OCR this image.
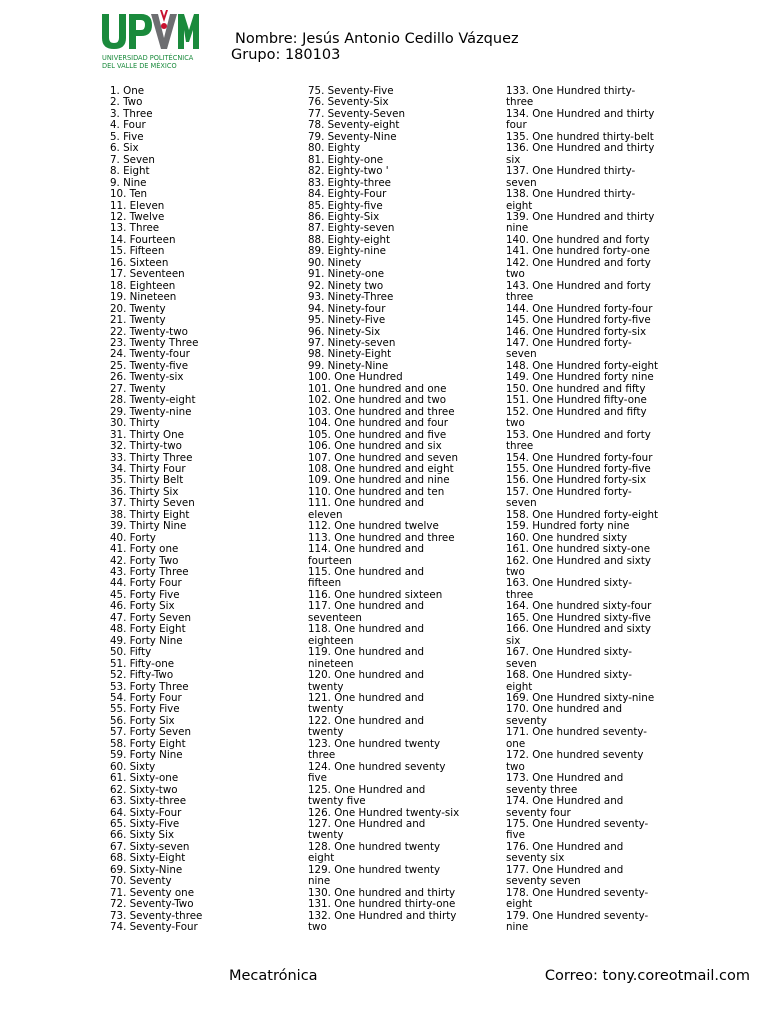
UNIVERSIDAD POLITÉCNICA
DEL VALLE DE MÉXICO
Nombre: Jesús Antonio Cedillo Vázquez
Grupo: 180103
1. One
2. Two
3. Three
4. Four
5. Five
6. Six
7. Seven
8. Eight
9. Nine
10. Ten
11. Eleven
12. Twelve
13. Three
14. Fourteen
15. Fifteen
16. Sixteen
17. Seventeen
18. Eighteen
19. Nineteen
20. Twenty
21. Twenty
22. Twenty-two
23. Twenty Three
24. Twenty-four
25. Twenty-five
26. Twenty-six
27. Twenty
28. Twenty-eight
29. Twenty-nine
30. Thirty
31. Thirty One
32. Thirty-two
33. Thirty Three
34. Thirty Four
35. Thirty Belt
36. Thirty Six
37. Thirty Seven
38. Thirty Eight
39. Thirty Nine
40. Forty
41. Forty one
42. Forty Two
43. Forty Three
44. Forty Four
45. Forty Five
46. Forty Six
47. Forty Seven
48. Forty Eight
49. Forty Nine
50. Fifty
51. Fifty-one
52. Fifty-Two
53. Forty Three
54. Forty Four
55. Forty Five
56. Forty Six
57. Forty Seven
58. Forty Eight
59. Forty Nine
60. Sixty
61. Sixty-one
62. Sixty-two
63. Sixty-three
64. Sixty-Four
65. Sixty-Five
66. Sixty Six
67. Sixty-seven
68. Sixty-Eight
69. Sixty-Nine
70. Seventy
71. Seventy one
72. Seventy-Two
73. Seventy-three
74. Seventy-Four
75. Seventy-Five
76. Seventy-Six
77. Seventy-Seven
78. Seventy-eight
79. Seventy-Nine
80. Eighty
81. Eighty-one
82. Eighty-two '
83. Eighty-three
84. Eighty-Four
85. Eighty-five
86. Eighty-Six
87. Eighty-seven
88. Eighty-eight
89. Eighty-nine
90. Ninety
91. Ninety-one
92. Ninety two
93. Ninety-Three
94. Ninety-four
95. Ninety-Five
96. Ninety-Six
97. Ninety-seven
98. Ninety-Eight
99. Ninety-Nine
100. One Hundred
101. One hundred and one
102. One hundred and two
103. One hundred and three
104. One hundred and four
105. One hundred and five
106. One hundred and six
107. One hundred and seven
108. One hundred and eight
109. One hundred and nine
110. One hundred and ten
111. One hundred and
eleven
112. One hundred twelve
113. One hundred and three
114. One hundred and
fourteen
115. One hundred and
fifteen
116. One hundred sixteen
117. One hundred and
seventeen
118. One hundred and
eighteen
119. One hundred and
nineteen
120. One hundred and
twenty
121. One hundred and
twenty
122. One hundred and
twenty
123. One hundred twenty
three
124. One hundred seventy
five
125. One Hundred and
twenty five
126. One Hundred twenty-six
127. One Hundred and
twenty
128. One hundred twenty
eight
129. One hundred twenty
nine
130. One hundred and thirty
131. One hundred thirty-one
132. One Hundred and thirty
two
133. One Hundred thirty-
three
134. One Hundred and thirty
four
135. One hundred thirty-belt
136. One Hundred and thirty
six
137. One Hundred thirty-
seven
138. One Hundred thirty-
eight
139. One Hundred and thirty
nine
140. One hundred and forty
141. One hundred forty-one
142. One Hundred and forty
two
143. One Hundred and forty
three
144. One Hundred forty-four
145. One Hundred forty-five
146. One Hundred forty-six
147. One Hundred forty-
seven
148. One Hundred forty-eight
149. One Hundred forty nine
150. One hundred and fifty
151. One Hundred fifty-one
152. One Hundred and fifty
two
153. One Hundred and forty
three
154. One Hundred forty-four
155. One Hundred forty-five
156. One Hundred forty-six
157. One Hundred forty-
seven
158. One Hundred forty-eight
159. Hundred forty nine
160. One hundred sixty
161. One hundred sixty-one
162. One Hundred and sixty
two
163. One Hundred sixty-
three
164. One hundred sixty-four
165. One Hundred sixty-five
166. One Hundred and sixty
six
167. One Hundred sixty-
seven
168. One Hundred sixty-
eight
169. One Hundred sixty-nine
170. One hundred and
seventy
171. One hundred seventy-
one
172. One hundred seventy
two
173. One Hundred and
seventy three
174. One Hundred and
seventy four
175. One Hundred seventy-
five
176. One Hundred and
seventy six
177. One Hundred and
seventy seven
178. One Hundred seventy-
eight
179. One Hundred seventy-
nine
Mecatrónica	Correo: tony.coreotmail.com
